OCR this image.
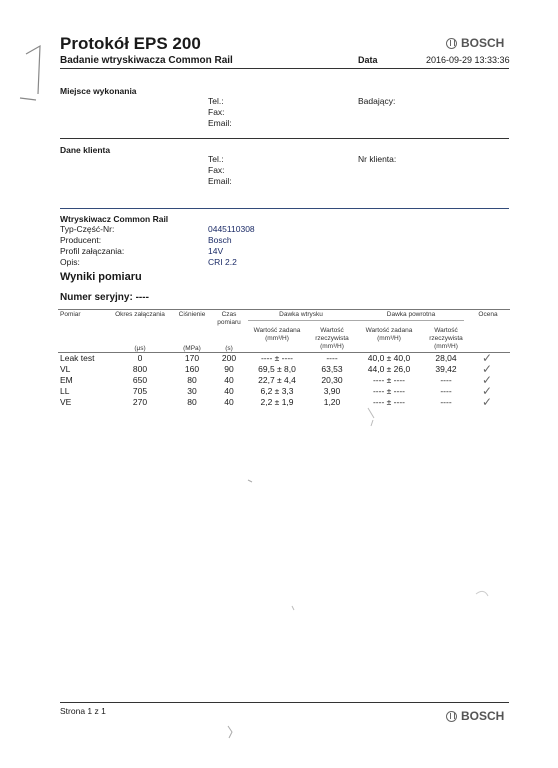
Protokół EPS 200	BOSCH
Badanie wtryskiwacza Common Rail	Data	2016-09-29 13:33:36
Miejsce wykonania
Tel.:
Fax:
Email:
Badający:
Dane klienta
Tel.:
Fax:
Email:
Nr klienta:
Wtryskiwacz Common Rail
Typ-Część-Nr:	0445110308
Producent:	Bosch
Profil załączania:	14V
Opis:	CRI 2.2
Wyniki pomiaru
Numer seryjny: ----
Pomiar	Okres załączania	Ciśnienie	Czas
pomiaru
Dawka wtrysku	Dawka powrotna	Ocena
Wartość zadana
(mm³/H)
Wartość
rzeczywista
(mm³/H)
Wartość zadana
(mm³/H)
Wartość
rzeczywista
(mm³/H)
(μs)	(MPa)	(s)
Leak test	0	170	200	---- ± ----	----	40,0 ± 40,0	28,04	✓
VL	800	160	90	69,5 ± 8,0	63,53	44,0 ± 26,0	39,42	✓
EM	650	80	40	22,7 ± 4,4	20,30	---- ± ----	----	✓
LL	705	30	40	6,2 ± 3,3	3,90	---- ± ----	----	✓
VE	270	80	40	2,2 ± 1,9	1,20	---- ± ----	----	✓
Strona 1 z 1	BOSCH
